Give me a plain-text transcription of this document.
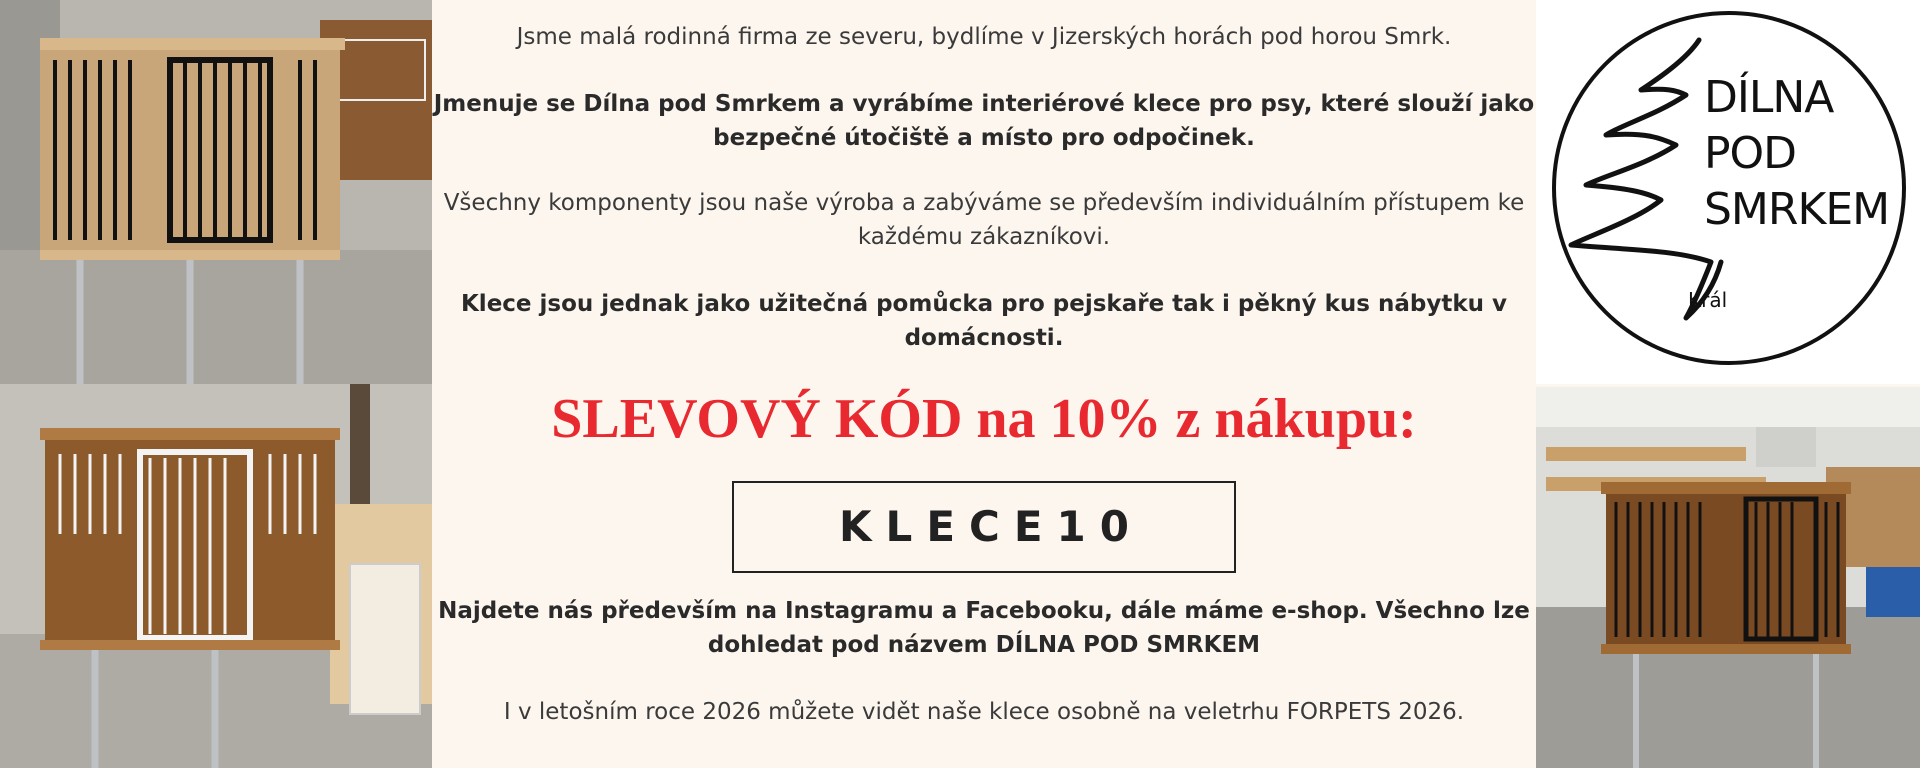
DÍLNA
POD
SMRKEM
Král
Jsme malá rodinná firma ze severu, bydlíme v Jizerských horách pod horou Smrk.
Jmenuje se Dílna pod Smrkem a vyrábíme interiérové klece pro psy, které slouží jako bezpečné útočiště a místo pro odpočinek.
Všechny komponenty jsou naše výroba a zabýváme se především individuálním přístupem ke každému zákazníkovi.
Klece jsou jednak jako užitečná pomůcka pro pejskaře tak i pěkný kus nábytku v domácnosti.
SLEVOVÝ KÓD na 10% z nákupu:
KLECE10
Najdete nás především na Instagramu a Facebooku, dále máme e-shop. Všechno lze dohledat pod názvem DÍLNA POD SMRKEM
I v letošním roce 2026 můžete vidět naše klece osobně na veletrhu FORPETS 2026.
